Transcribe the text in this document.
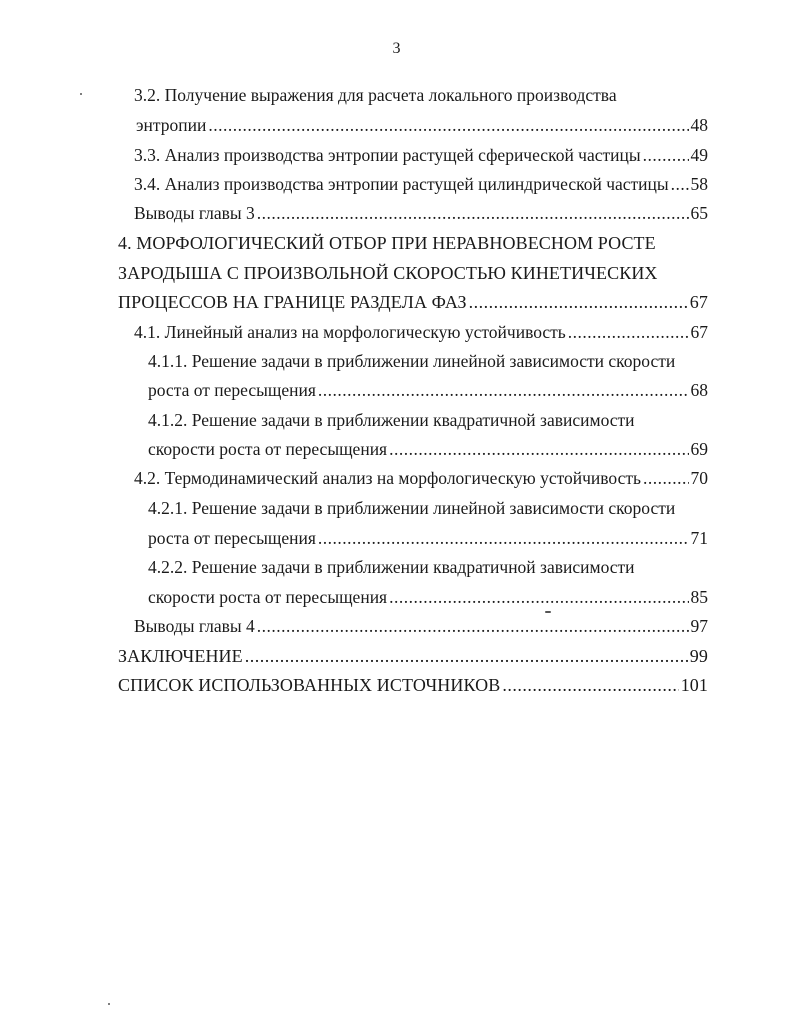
3
3.2. Получение выражения для расчета локального производства
энтропии .....	48
3.3. Анализ производства энтропии растущей сферической частицы .....	49
3.4. Анализ производства энтропии растущей цилиндрической частицы ..... 58
Выводы главы 3 .....	65
4. МОРФОЛОГИЧЕСКИЙ ОТБОР ПРИ НЕРАВНОВЕСНОМ РОСТЕ
ЗАРОДЫША С ПРОИЗВОЛЬНОЙ СКОРОСТЬЮ КИНЕТИЧЕСКИХ
ПРОЦЕССОВ НА ГРАНИЦЕ РАЗДЕЛА ФАЗ .....	67
4.1. Линейный анализ на морфологическую устойчивость .....	67
4.1.1. Решение задачи в приближении линейной зависимости скорости
роста от пересыщения .....	68
4.1.2. Решение задачи в приближении квадратичной зависимости
скорости роста от пересыщения .....	69
4.2. Термодинамический анализ на морфологическую устойчивость .....	70
4.2.1. Решение задачи в приближении линейной зависимости скорости
роста от пересыщения .....	71
4.2.2. Решение задачи в приближении квадратичной зависимости
скорости роста от пересыщения .....	85
Выводы главы 4 .....	97
ЗАКЛЮЧЕНИЕ .....	99
СПИСОК ИСПОЛЬЗОВАННЫХ ИСТОЧНИКОВ .....	101
